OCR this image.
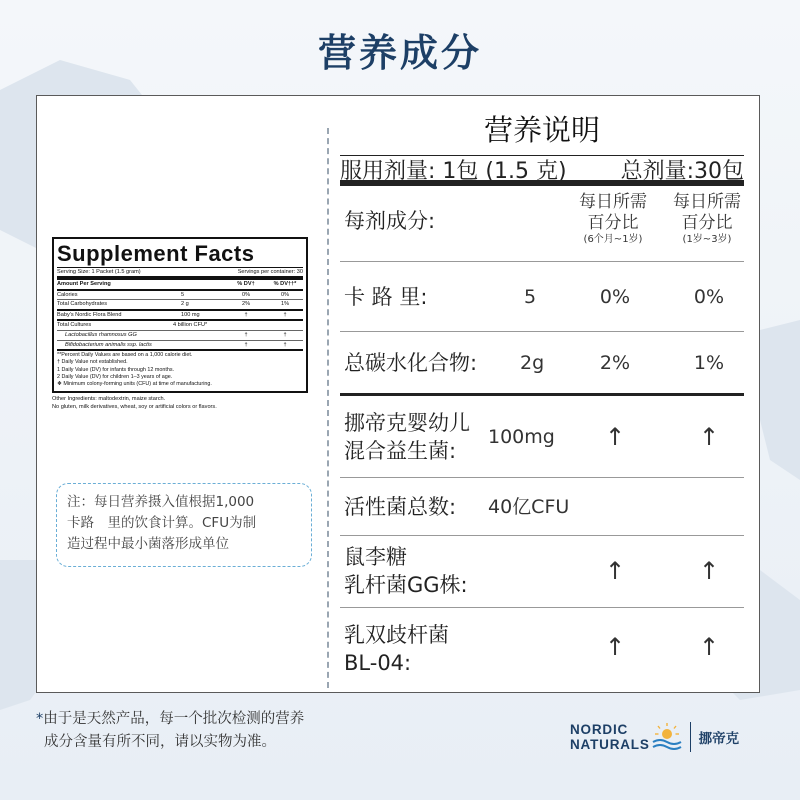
营养成分
Supplement Facts
Serving Size: 1 Packet (1.5 gram)	Servings per container: 30
Amount Per Serving	% DV†	% DV††*
Calories	5	0%	0%
Total Carbohydrates	2 g	2%	1%
Baby's Nordic Flora Blend	100 mg	†	†
Total Cultures	4 billion CFU*
Lactobacillus rhamnosus GG	†	†
Bifidobacterium animalis ssp. lactis	†	†
**Percent Daily Values are based on a 1,000 calorie diet.
† Daily Value not established.
1 Daily Value (DV) for infants through 12 months.
2 Daily Value (DV) for children 1–3 years of age.
❖ Minimum colony-forming units (CFU) at time of manufacturing.
Other Ingredients: maltodextrin, maize starch.
No gluten, milk derivatives, wheat, soy or artificial colors or flavors.
注：每日营养摄入值根据1,000
卡路　里的饮食计算。CFU为制
造过程中最小菌落形成单位
营养说明
服用剂量: 1包 (1.5 克) 总剂量:30包
每剂成分:
每日所需
百分比
(6个月~1岁)
每日所需
百分比
(1岁~3岁)
卡 路 里:	5	0%	0%
总碳水化合物: 2g	2%	1%
挪帝克婴幼儿
混合益生菌:
100mg	↑	↑
活性菌总数: 40亿CFU
鼠李糖
乳杆菌GG株:	↑	↑
乳双歧杆菌
BL-04:
↑	↑
*由于是天然产品，每一个批次检测的营养
成分含量有所不同，请以实物为准。
NORDIC
NATURALS	挪帝克
